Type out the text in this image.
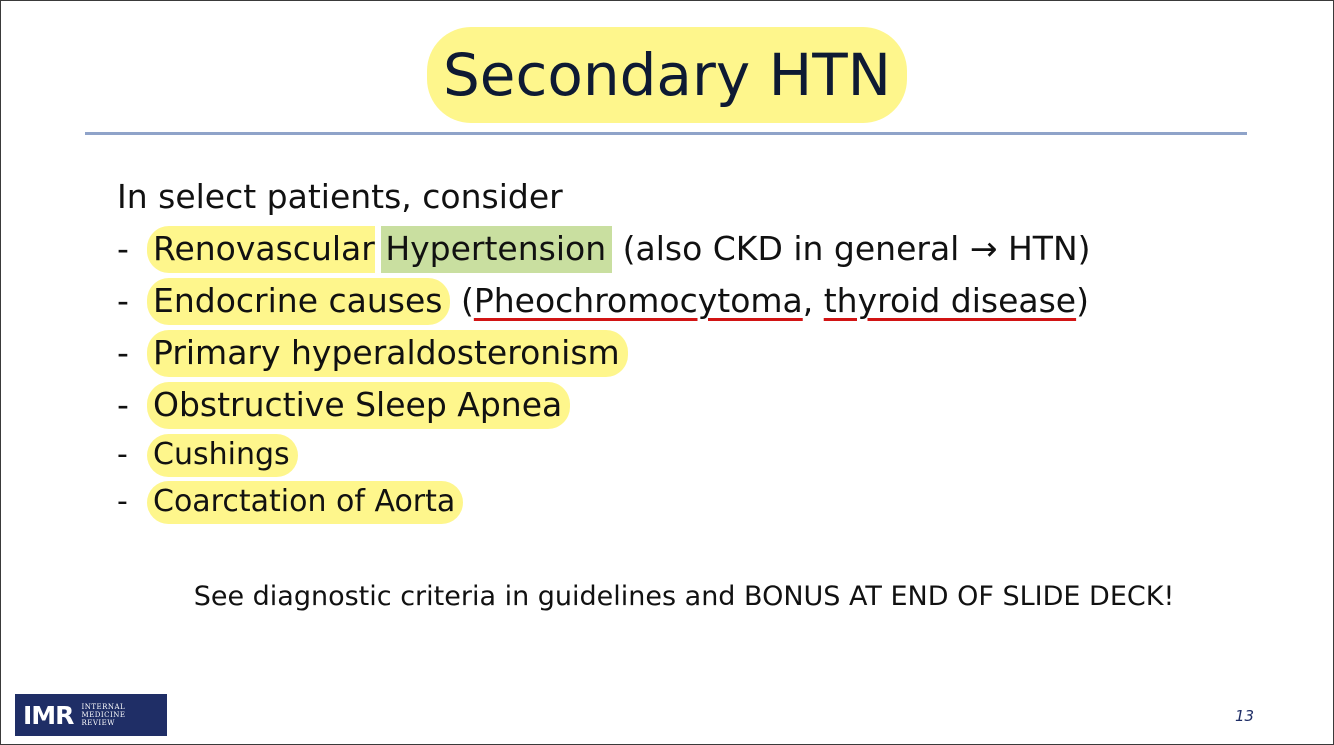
Secondary HTN
In select patients, consider
- Renovascular Hypertension (also CKD in general → HTN)
- Endocrine causes (Pheochromocytoma, thyroid disease)
- Primary hyperaldosteronism
- Obstructive Sleep Apnea
- Cushings
- Coarctation of Aorta
See diagnostic criteria in guidelines and BONUS AT END OF SLIDE DECK!
IMR INTERNAL
MEDICINE
REVIEW	13
